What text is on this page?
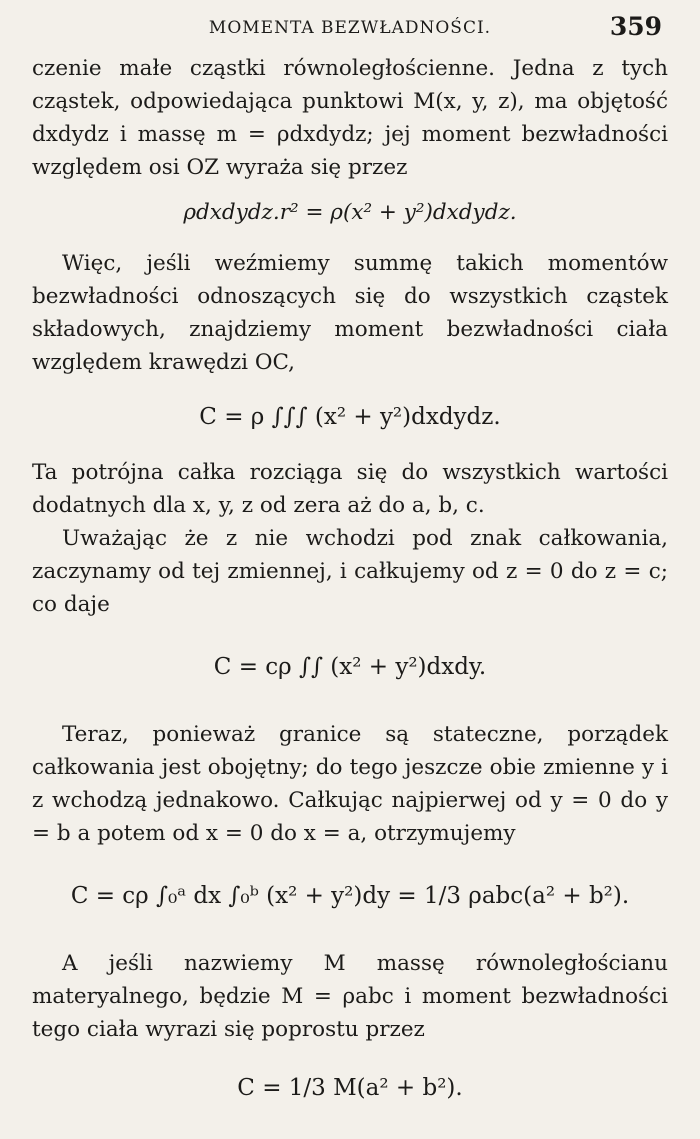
MOMENTA BEZWŁADNOŚCI.	359

czenie małe cząstki równoległościenne. Jedna z tych cząstek, odpowiedająca punktowi M(x, y, z), ma objętość dxdydz i massę m = ρdxdydz; jej moment bezwładności względem osi OZ wyraża się przez

ρdxdydz.r² = ρ(x² + y²)dxdydz.

Więc, jeśli weźmiemy summę takich momentów bezwładności odnoszących się do wszystkich cząstek składowych, znajdziemy moment bezwładności ciała względem krawędzi OC,

C = ρ ∫∫∫ (x² + y²)dxdydz.

Ta potrójna całka rozciąga się do wszystkich wartości dodatnych dla x, y, z od zera aż do a, b, c.

Uważając że z nie wchodzi pod znak całkowania, zaczynamy od tej zmiennej, i całkujemy od z = 0 do z = c; co daje

C = cρ ∫∫ (x² + y²)dxdy.

Teraz, ponieważ granice są stateczne, porządek całkowania jest obojętny; do tego jeszcze obie zmienne y i z wchodzą jednakowo. Całkując najpierwej od y = 0 do y = b a potem od x = 0 do x = a, otrzymujemy

C = cρ ∫₀ᵃ dx ∫₀ᵇ (x² + y²)dy = 1/3 ρabc(a² + b²).

A jeśli nazwiemy M massę równoległościanu materyalnego, będzie M = ρabc i moment bezwładności tego ciała wyrazi się poprostu przez

C = 1/3 M(a² + b²).
